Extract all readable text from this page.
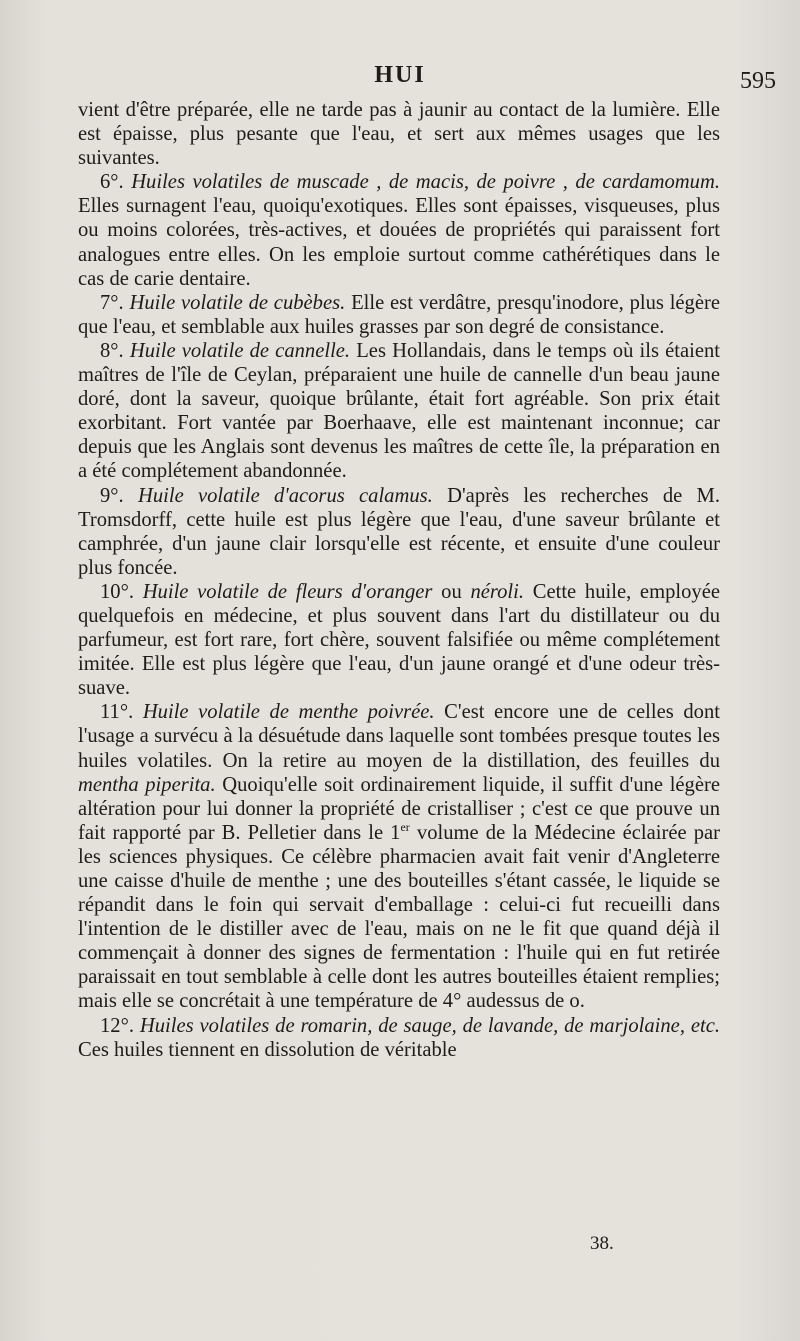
HUI	595

vient d'être préparée, elle ne tarde pas à jaunir au contact de la lumière. Elle est épaisse, plus pesante que l'eau, et sert aux mêmes usages que les suivantes.

6°. Huiles volatiles de muscade , de macis, de poivre , de cardamomum. Elles surnagent l'eau, quoiqu'exotiques. Elles sont épaisses, visqueuses, plus ou moins colorées, très-actives, et douées de propriétés qui paraissent fort analogues entre elles. On les emploie surtout comme cathérétiques dans le cas de carie dentaire.

7°. Huile volatile de cubèbes. Elle est verdâtre, presqu'inodore, plus légère que l'eau, et semblable aux huiles grasses par son degré de consistance.

8°. Huile volatile de cannelle. Les Hollandais, dans le temps où ils étaient maîtres de l'île de Ceylan, préparaient une huile de cannelle d'un beau jaune doré, dont la saveur, quoique brûlante, était fort agréable. Son prix était exorbitant. Fort vantée par Boerhaave, elle est maintenant inconnue; car depuis que les Anglais sont devenus les maîtres de cette île, la préparation en a été complétement abandonnée.

9°. Huile volatile d'acorus calamus. D'après les recherches de M. Tromsdorff, cette huile est plus légère que l'eau, d'une saveur brûlante et camphrée, d'un jaune clair lorsqu'elle est récente, et ensuite d'une couleur plus foncée.

10°. Huile volatile de fleurs d'oranger ou néroli. Cette huile, employée quelquefois en médecine, et plus souvent dans l'art du distillateur ou du parfumeur, est fort rare, fort chère, souvent falsifiée ou même complétement imitée. Elle est plus légère que l'eau, d'un jaune orangé et d'une odeur très-suave.

11°. Huile volatile de menthe poivrée. C'est encore une de celles dont l'usage a survécu à la désuétude dans laquelle sont tombées presque toutes les huiles volatiles. On la retire au moyen de la distillation, des feuilles du mentha piperita. Quoiqu'elle soit ordinairement liquide, il suffit d'une légère altération pour lui donner la propriété de cristalliser ; c'est ce que prouve un fait rapporté par B. Pelletier dans le 1er volume de la Médecine éclairée par les sciences physiques. Ce célèbre pharmacien avait fait venir d'Angleterre une caisse d'huile de menthe ; une des bouteilles s'étant cassée, le liquide se répandit dans le foin qui servait d'emballage : celui-ci fut recueilli dans l'intention de le distiller avec de l'eau, mais on ne le fit que quand déjà il commençait à donner des signes de fermentation : l'huile qui en fut retirée paraissait en tout semblable à celle dont les autres bouteilles étaient remplies; mais elle se concrétait à une température de 4° audessus de o.

12°. Huiles volatiles de romarin, de sauge, de lavande, de marjolaine, etc. Ces huiles tiennent en dissolution de véritable

38.
